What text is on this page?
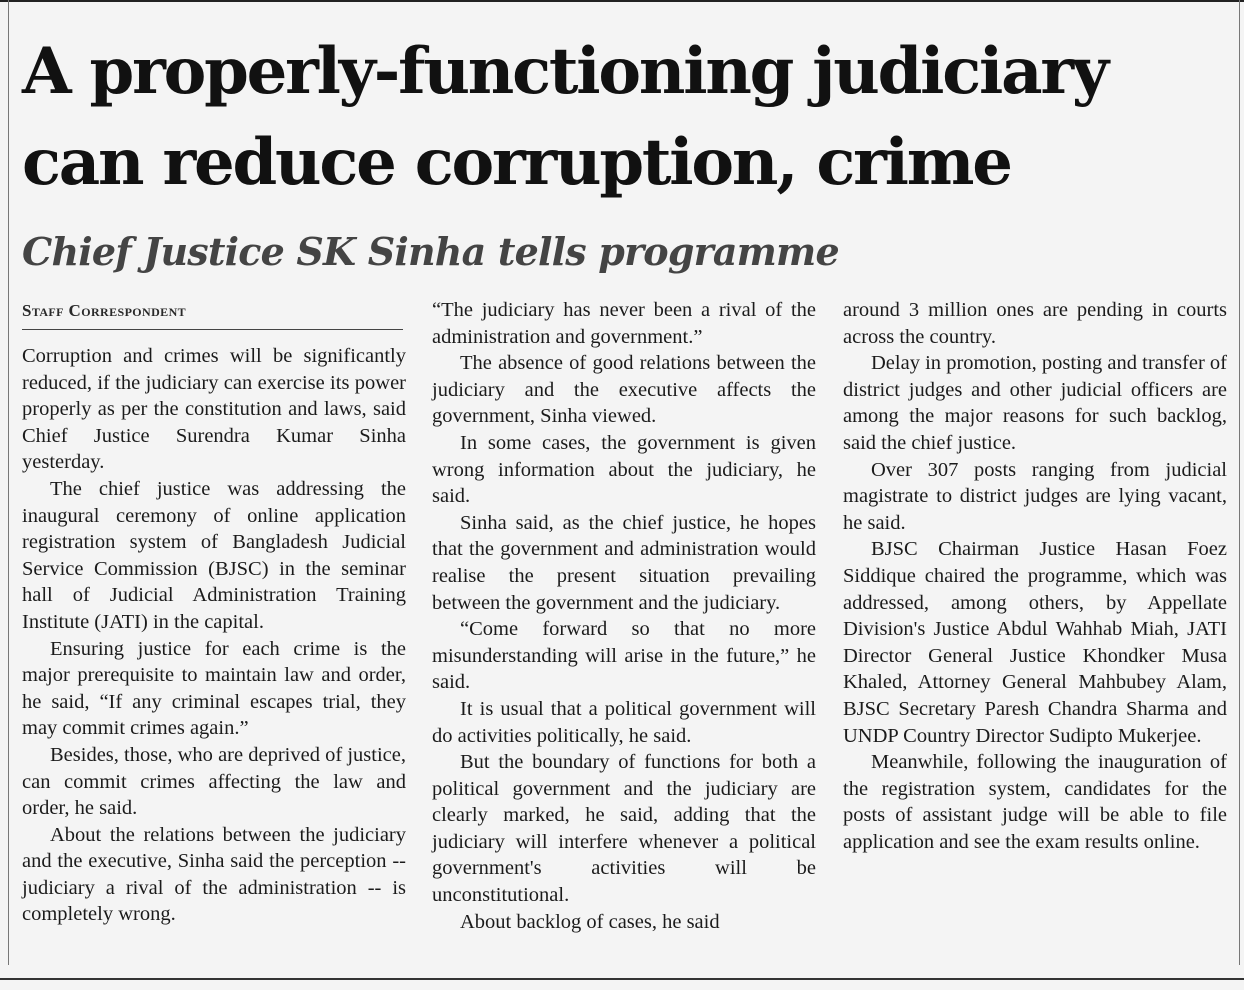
A properly-functioning judiciary can reduce corruption, crime
Chief Justice SK Sinha tells programme
Staff Correspondent

Corruption and crimes will be significantly reduced, if the judiciary can exercise its power properly as per the constitution and laws, said Chief Justice Surendra Kumar Sinha yesterday.

The chief justice was addressing the inaugural ceremony of online application registration system of Bangladesh Judicial Service Commission (BJSC) in the seminar hall of Judicial Administration Training Institute (JATI) in the capital.

Ensuring justice for each crime is the major prerequisite to maintain law and order, he said, “If any criminal escapes trial, they may commit crimes again.”

Besides, those, who are deprived of justice, can commit crimes affecting the law and order, he said.

About the relations between the judiciary and the executive, Sinha said the perception -- judiciary a rival of the administration -- is completely wrong.

“The judiciary has never been a rival of the administration and government.”

The absence of good relations between the judiciary and the executive affects the government, Sinha viewed.

In some cases, the government is given wrong information about the judiciary, he said.

Sinha said, as the chief justice, he hopes that the government and administration would realise the present situation prevailing between the government and the judiciary.

“Come forward so that no more misunderstanding will arise in the future,” he said.

It is usual that a political government will do activities politically, he said.

But the boundary of functions for both a political government and the judiciary are clearly marked, he said, adding that the judiciary will interfere whenever a political government's activities will be unconstitutional.

About backlog of cases, he said

around 3 million ones are pending in courts across the country.

Delay in promotion, posting and transfer of district judges and other judicial officers are among the major reasons for such backlog, said the chief justice.

Over 307 posts ranging from judicial magistrate to district judges are lying vacant, he said.

BJSC Chairman Justice Hasan Foez Siddique chaired the programme, which was addressed, among others, by Appellate Division's Justice Abdul Wahhab Miah, JATI Director General Justice Khondker Musa Khaled, Attorney General Mahbubey Alam, BJSC Secretary Paresh Chandra Sharma and UNDP Country Director Sudipto Mukerjee.

Meanwhile, following the inauguration of the registration system, candidates for the posts of assistant judge will be able to file application and see the exam results online.
